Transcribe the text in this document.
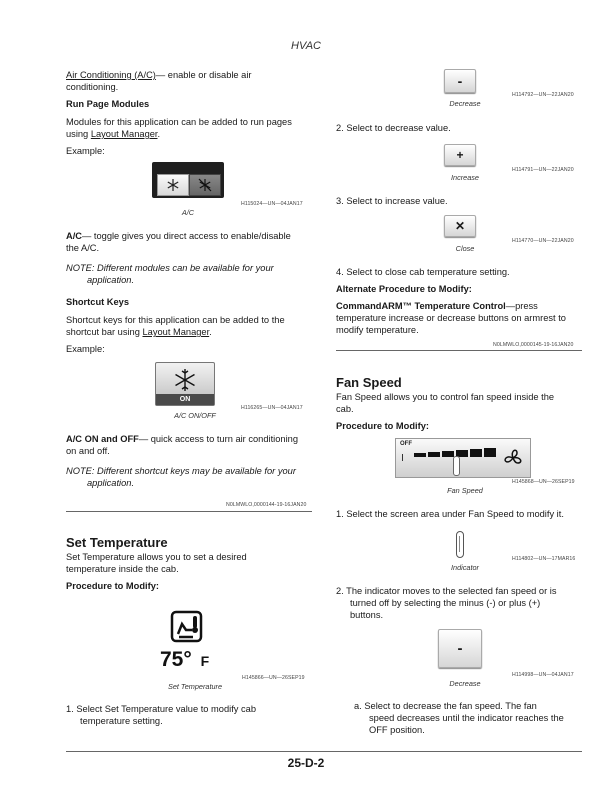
HVAC
Air Conditioning (A/C)— enable or disable air
conditioning.
Run Page Modules
Modules for this application can be added to run pages
using Layout Manager.
Example:
H115024—UN—04JAN17
A/C
A/C— toggle gives you direct access to enable/disable
the A/C.
NOTE: Different modules can be available for your
application.
Shortcut Keys
Shortcut keys for this application can be added to the
shortcut bar using Layout Manager.
Example:
ON
H116265—UN—04JAN17
A/C ON/OFF
A/C ON and OFF— quick access to turn air conditioning
on and off.
NOTE: Different shortcut keys may be available for your
application.
N0LMWLO,0000144-19-16JAN20
Set Temperature
Set Temperature allows you to set a desired
temperature inside the cab.
Procedure to Modify:
75° F
H145866—UN—26SEP19
Set Temperature
1. Select Set Temperature value to modify cab
temperature setting.
-
H114792—UN—22JAN20
Decrease
2. Select to decrease value.
+
H114791—UN—22JAN20
Increase
3. Select to increase value.
✕
H114770—UN—22JAN20
Close
4. Select to close cab temperature setting.
Alternate Procedure to Modify:
CommandARM™ Temperature Control—press
temperature increase or decrease buttons on armrest to
modify temperature.
N0LMWLO,0000145-19-16JAN20
Fan Speed
Fan Speed allows you to control fan speed inside the
cab.
Procedure to Modify:
OFF
H145868—UN—26SEP19
Fan Speed
1. Select the screen area under Fan Speed to modify it.
H114802—UN—17MAR16
Indicator
2. The indicator moves to the selected fan speed or is
turned off by selecting the minus (-) or plus (+)
buttons.
-
H114998—UN—04JAN17
Decrease
a. Select to decrease the fan speed. The fan
speed decreases until the indicator reaches the
OFF position.
25-D-2
